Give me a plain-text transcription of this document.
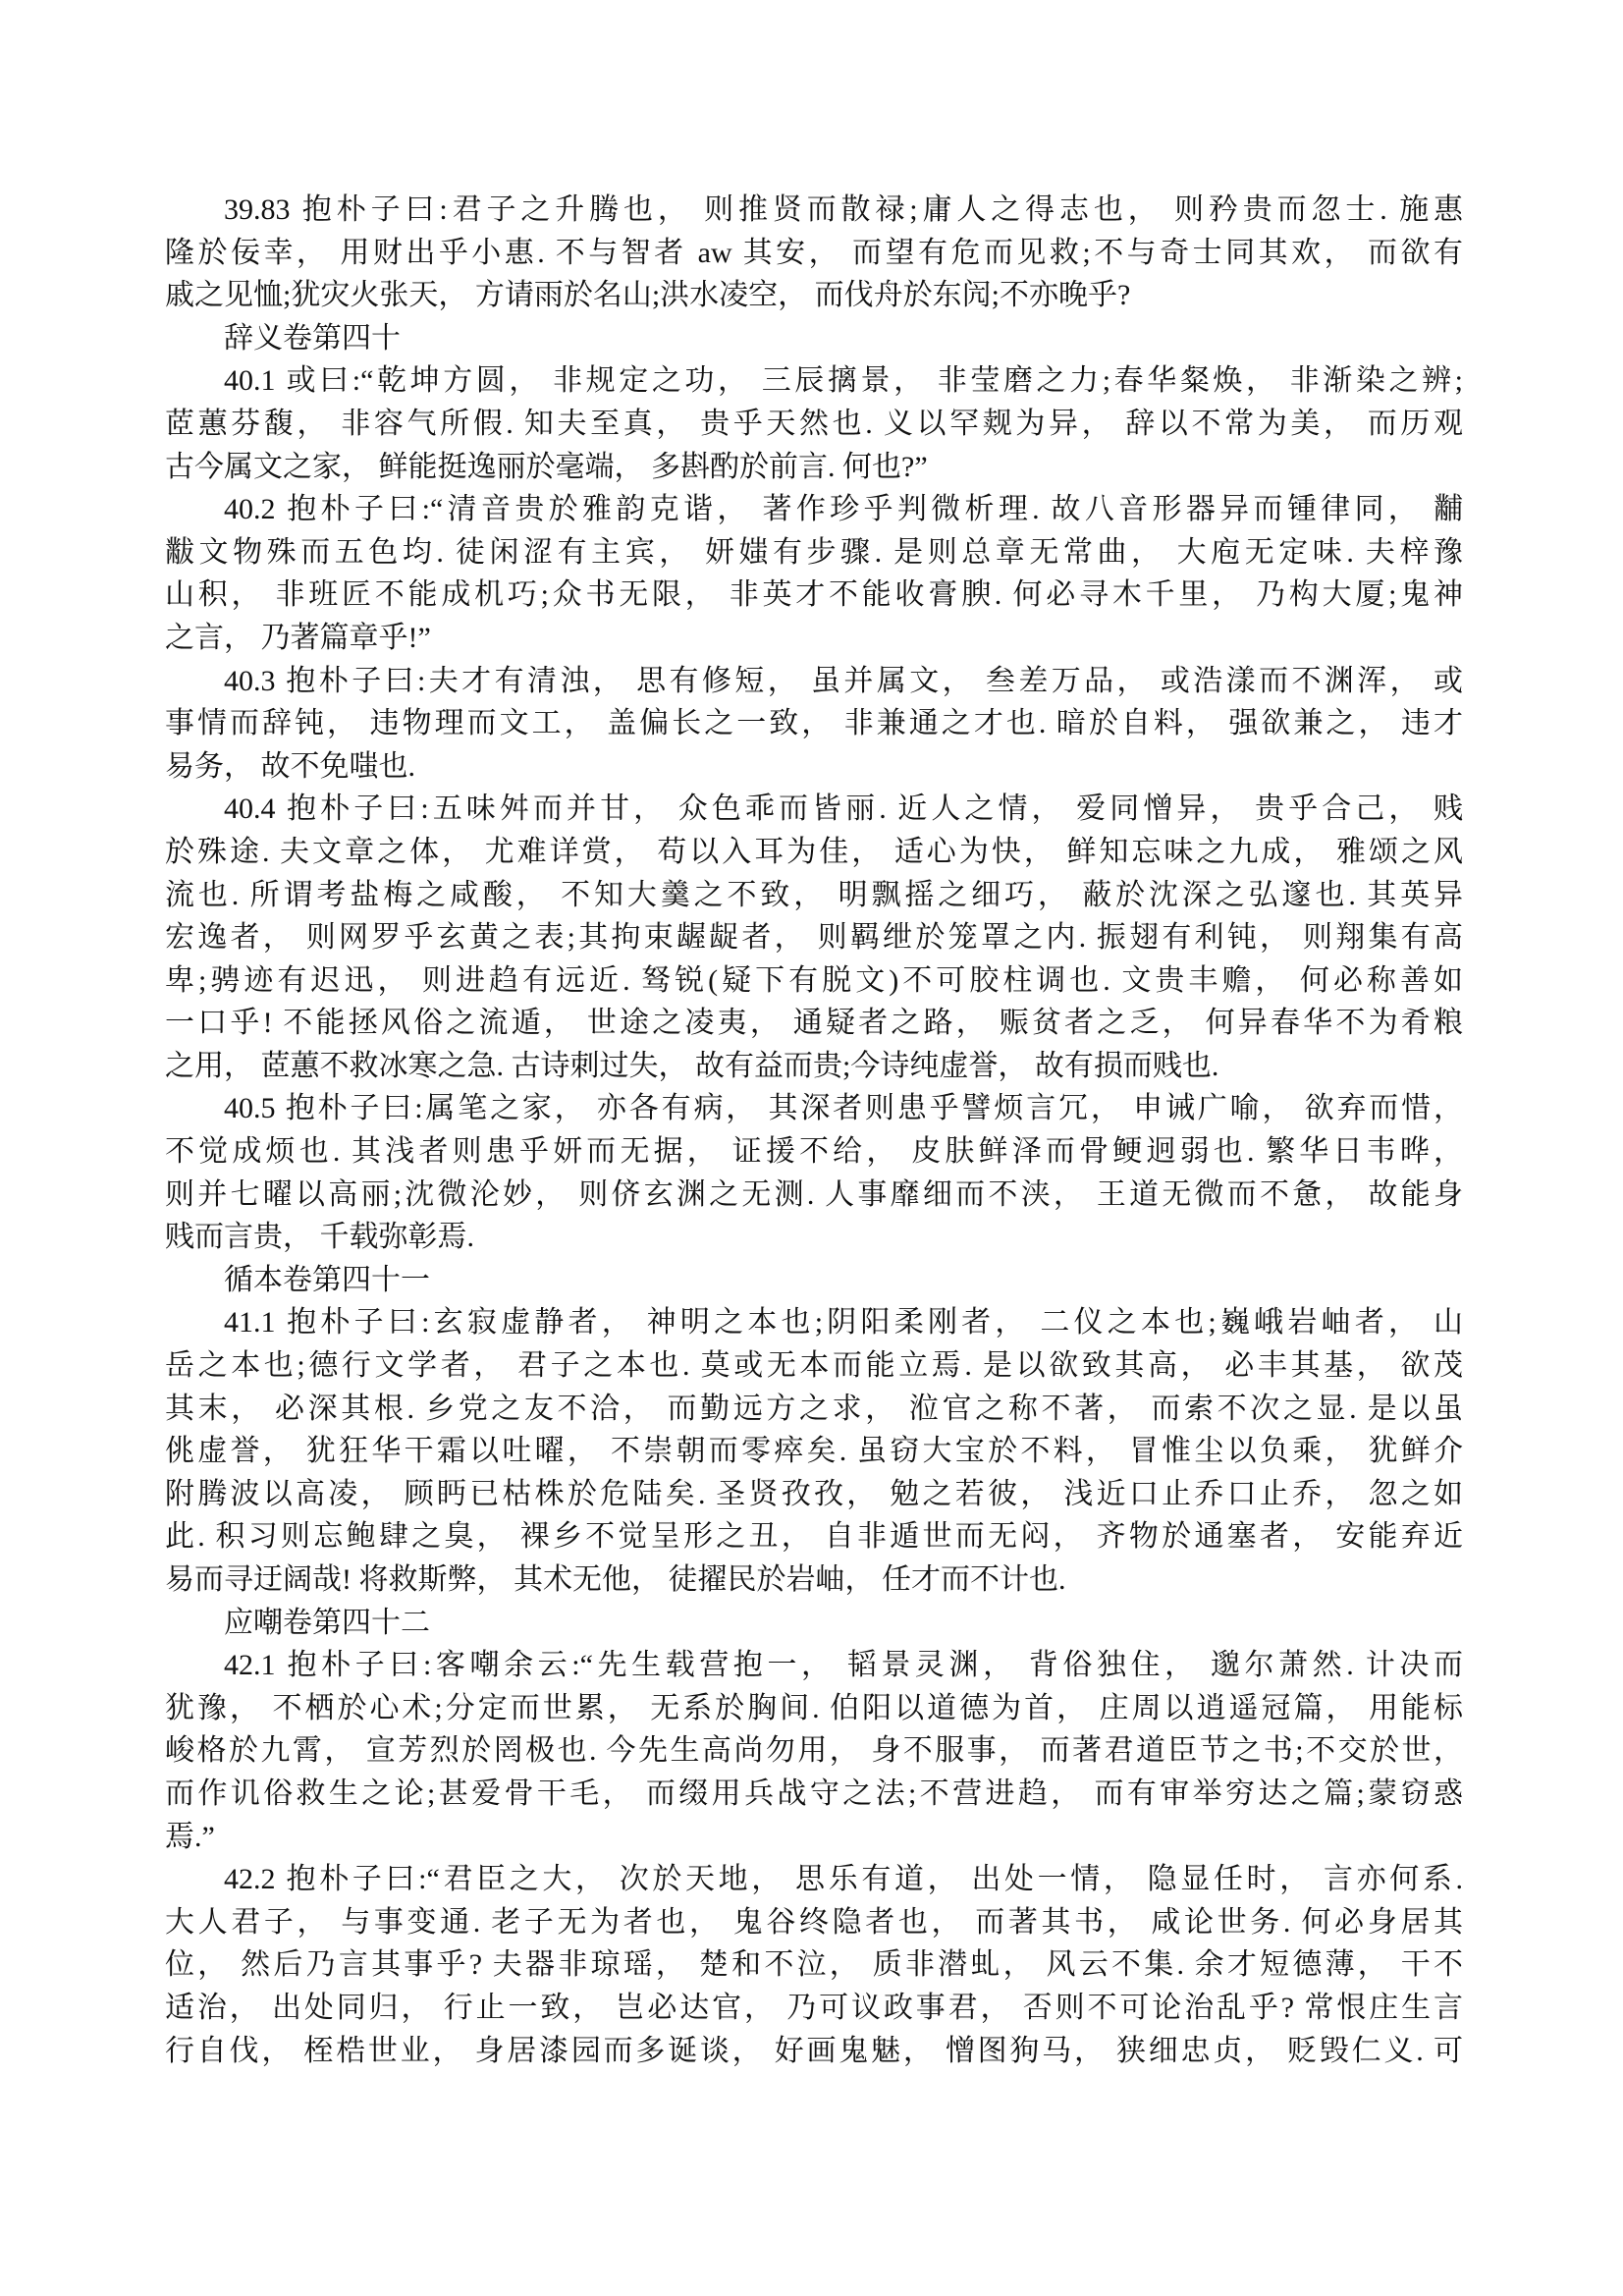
39.83 抱朴子曰:君子之升腾也， 则推贤而散禄;庸人之得志也， 则矜贵而忽士. 施惠
隆於佞幸， 用财出乎小惠. 不与智者 aw 其安， 而望有危而见救;不与奇士同其欢， 而欲有
戚之见恤;犹灾火张天， 方请雨於名山;洪水凌空， 而伐舟於东闶;不亦晚乎?
辞义卷第四十
40.1 或曰:“乾坤方圆， 非规定之功， 三辰摛景， 非莹磨之力;春华粲焕， 非渐染之辨;
茝蕙芬馥， 非容气所假. 知夫至真， 贵乎天然也. 义以罕觌为异， 辞以不常为美， 而历观
古今属文之家， 鲜能挺逸丽於毫端， 多斟酌於前言. 何也?”
40.2 抱朴子曰:“清音贵於雅韵克谐， 著作珍乎判微析理. 故八音形器异而锺律同， 黼
黻文物殊而五色均. 徒闲涩有主宾， 妍媸有步骤. 是则总章无常曲， 大庖无定味. 夫梓豫
山积， 非班匠不能成机巧;众书无限， 非英才不能收膏腴. 何必寻木千里， 乃构大厦;鬼神
之言， 乃著篇章乎!”
40.3 抱朴子曰:夫才有清浊， 思有修短， 虽并属文， 叁差万品， 或浩漾而不渊浑， 或
事情而辞钝， 违物理而文工， 盖偏长之一致， 非兼通之才也. 暗於自料， 强欲兼之， 违才
易务， 故不免嗤也.
40.4 抱朴子曰:五味舛而并甘， 众色乖而皆丽. 近人之情， 爱同憎异， 贵乎合己， 贱
於殊途. 夫文章之体， 尤难详赏， 苟以入耳为佳， 适心为快， 鲜知忘味之九成， 雅颂之风
流也. 所谓考盐梅之咸酸， 不知大羹之不致， 明飘摇之细巧， 蔽於沈深之弘邃也. 其英异
宏逸者， 则网罗乎玄黄之表;其拘束龌龊者， 则羁绁於笼罩之内. 振翅有利钝， 则翔集有高
卑;骋迹有迟迅， 则进趋有远近. 驽锐(疑下有脱文)不可胶柱调也. 文贵丰赡， 何必称善如
一口乎! 不能拯风俗之流遁， 世途之凌夷， 通疑者之路， 赈贫者之乏， 何异春华不为肴粮
之用， 茝蕙不救冰寒之急. 古诗刺过失， 故有益而贵;今诗纯虚誉， 故有损而贱也.
40.5 抱朴子曰:属笔之家， 亦各有病， 其深者则患乎譬烦言冗， 申诫广喻， 欲弃而惜，
不觉成烦也. 其浅者则患乎妍而无据， 证援不给， 皮肤鲜泽而骨鲠迥弱也. 繁华日韦晔，
则并七曜以高丽;沈微沦妙， 则侪玄渊之无测. 人事靡细而不浃， 王道无微而不惫， 故能身
贱而言贵， 千载弥彰焉.
循本卷第四十一
41.1 抱朴子曰:玄寂虚静者， 神明之本也;阴阳柔刚者， 二仪之本也;巍峨岩岫者， 山
岳之本也;德行文学者， 君子之本也. 莫或无本而能立焉. 是以欲致其高， 必丰其基， 欲茂
其末， 必深其根. 乡党之友不洽， 而勤远方之求， 涖官之称不著， 而索不次之显. 是以虽
佻虚誉， 犹狂华干霜以吐曜， 不崇朝而零瘁矣. 虽窃大宝於不料， 冒惟尘以负乘， 犹鲜介
附腾波以高凌， 顾眄已枯株於危陆矣. 圣贤孜孜， 勉之若彼， 浅近口止乔口止乔， 忽之如
此. 积习则忘鲍肆之臭， 裸乡不觉呈形之丑， 自非遁世而无闷， 齐物於通塞者， 安能弃近
易而寻迂阔哉! 将救斯弊， 其术无他， 徒擢民於岩岫， 任才而不计也.
应嘲卷第四十二
42.1 抱朴子曰:客嘲余云:“先生载营抱一， 韬景灵渊， 背俗独住， 邈尔萧然. 计决而
犹豫， 不栖於心术;分定而世累， 无系於胸间. 伯阳以道德为首， 庄周以逍遥冠篇， 用能标
峻格於九霄， 宣芳烈於罔极也. 今先生高尚勿用， 身不服事， 而著君道臣节之书;不交於世，
而作讥俗救生之论;甚爱骨干毛， 而缀用兵战守之法;不营进趋， 而有审举穷达之篇;蒙窃惑
焉.”
42.2 抱朴子曰:“君臣之大， 次於天地， 思乐有道， 出处一情， 隐显任时， 言亦何系.
大人君子， 与事变通. 老子无为者也， 鬼谷终隐者也， 而著其书， 咸论世务. 何必身居其
位， 然后乃言其事乎? 夫器非琼瑶， 楚和不泣， 质非潜虬， 风云不集. 余才短德薄， 干不
适治， 出处同归， 行止一致， 岂必达官， 乃可议政事君， 否则不可论治乱乎? 常恨庄生言
行自伐， 桎梏世业， 身居漆园而多诞谈， 好画鬼魅， 憎图狗马， 狭细忠贞， 贬毁仁义. 可
